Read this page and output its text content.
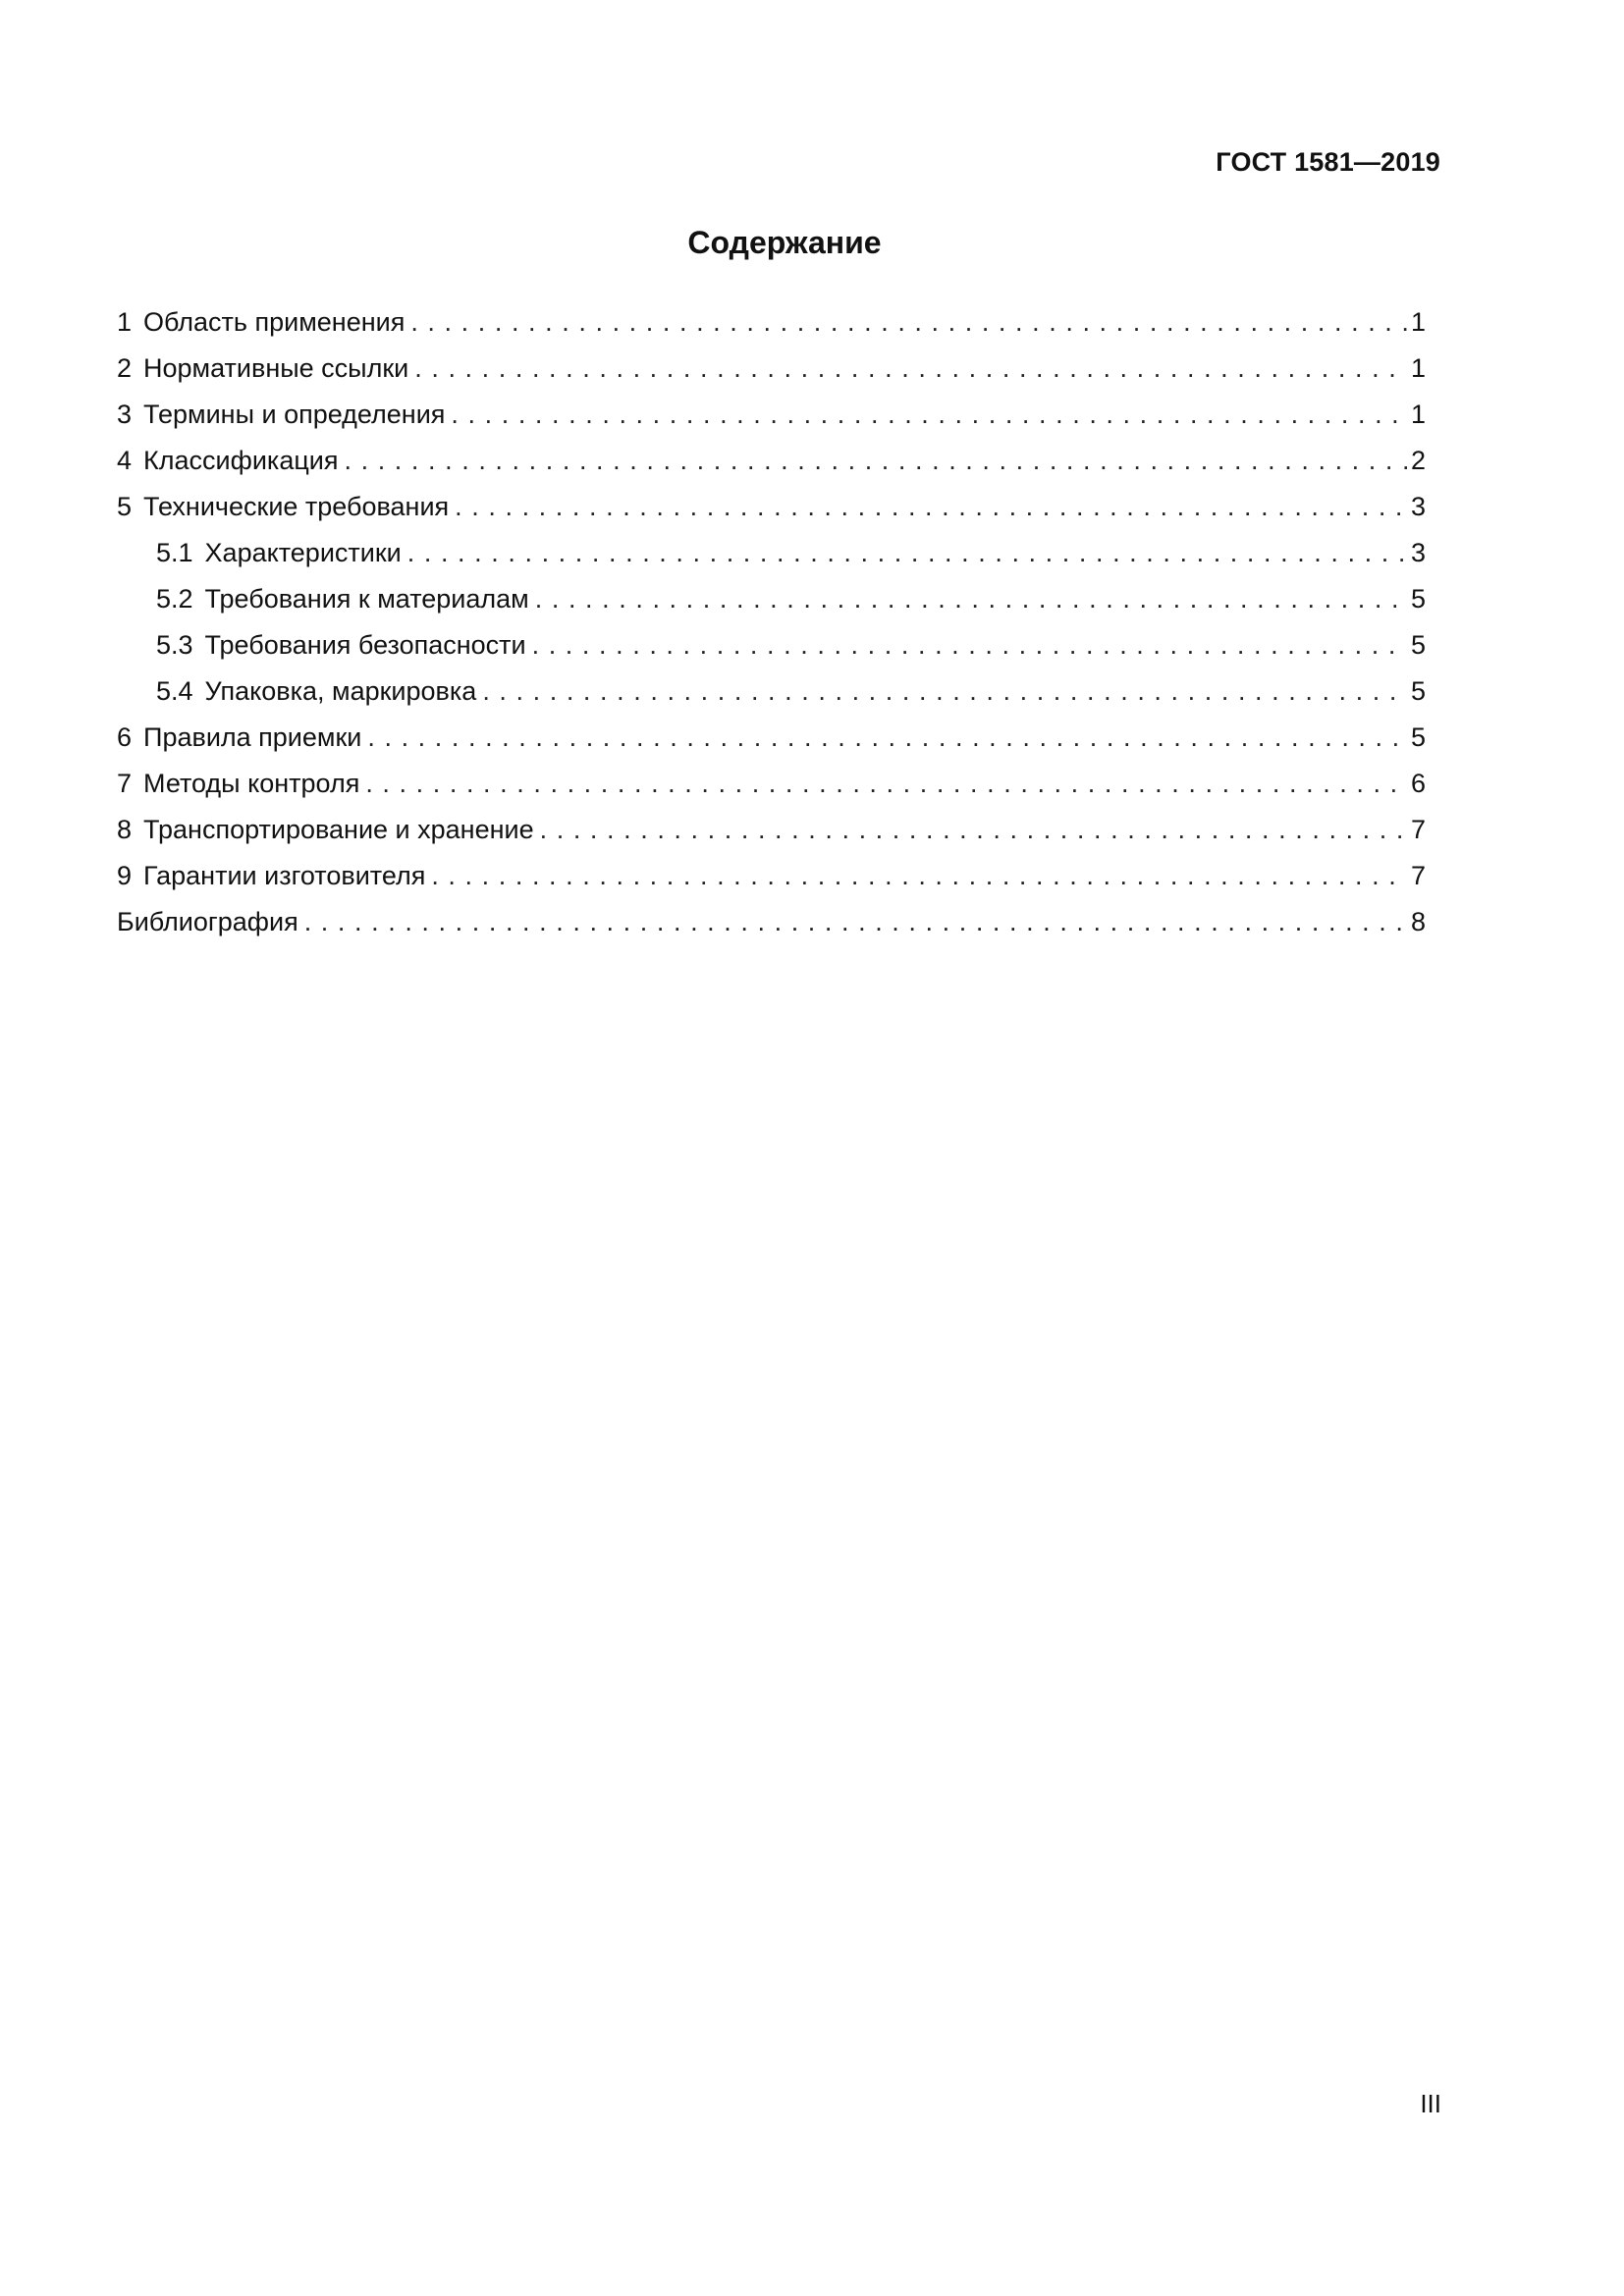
ГОСТ 1581—2019
Содержание
1 Область применения . . .	1
2 Нормативные ссылки . . .	1
3 Термины и определения . . .	1
4 Классификация . . .	2
5 Технические требования . . .	3
5.1 Характеристики . . .	3
5.2 Требования к материалам . . .	5
5.3 Требования безопасности . . .	5
5.4 Упаковка, маркировка . . .	5
6 Правила приемки . . .	5
7 Методы контроля . . .	6
8 Транспортирование и хранение . . .	7
9 Гарантии изготовителя . . .	7
Библиография . . .	8
III
